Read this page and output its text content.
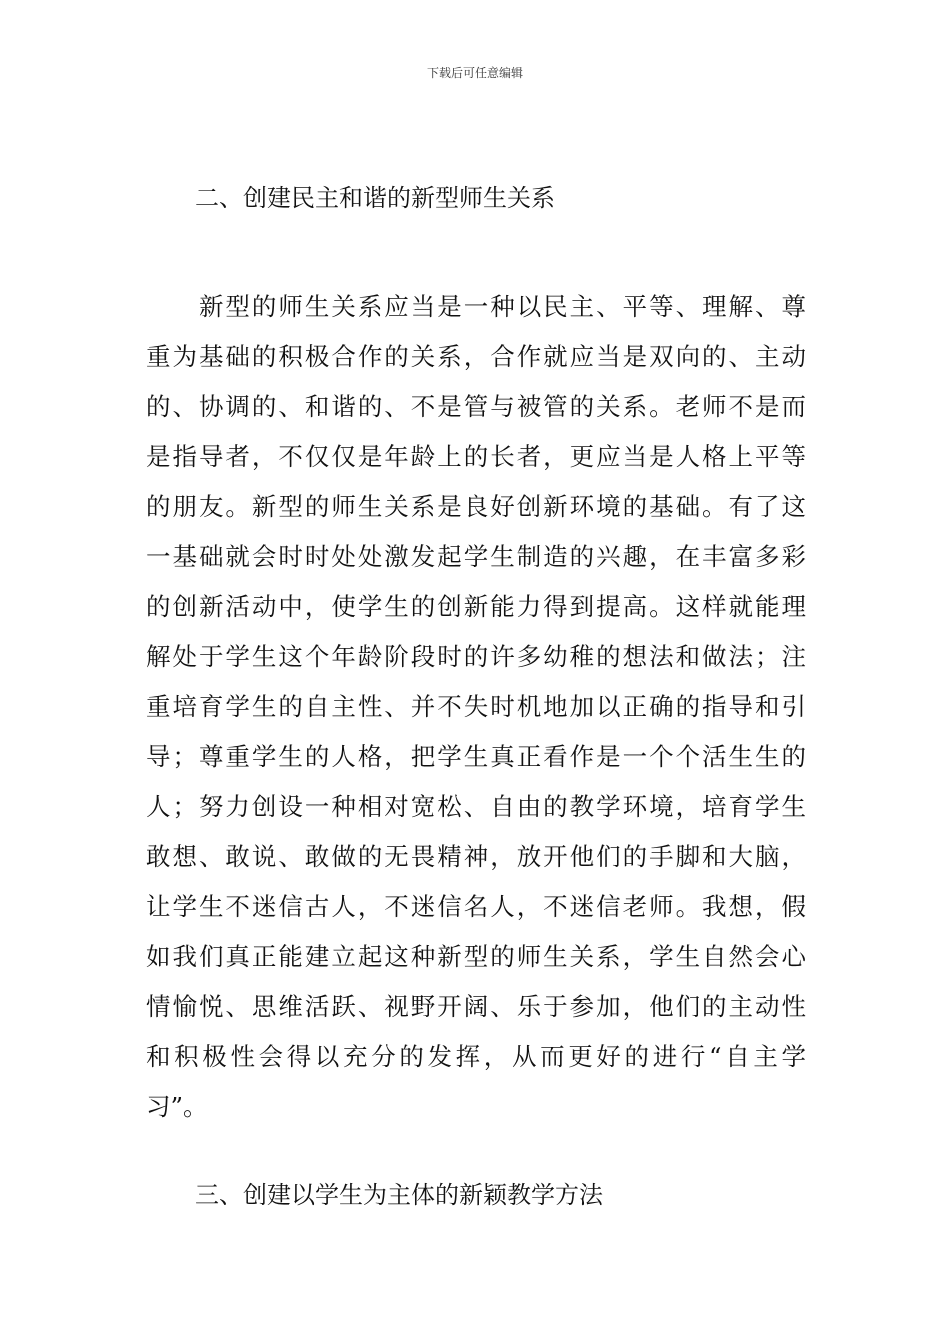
下载后可任意编辑
二、创建民主和谐的新型师生关系
　　新型的师生关系应当是一种以民主、平等、理解、尊
重为基础的积极合作的关系，合作就应当是双向的、主动
的、协调的、和谐的、不是管与被管的关系。老师不是而
是指导者，不仅仅是年龄上的长者，更应当是人格上平等
的朋友。新型的师生关系是良好创新环境的基础。有了这
一基础就会时时处处激发起学生制造的兴趣，在丰富多彩
的创新活动中，使学生的创新能力得到提高。这样就能理
解处于学生这个年龄阶段时的许多幼稚的想法和做法；注
重培育学生的自主性、并不失时机地加以正确的指导和引
导；尊重学生的人格，把学生真正看作是一个个活生生的
人；努力创设一种相对宽松、自由的教学环境，培育学生
敢想、敢说、敢做的无畏精神，放开他们的手脚和大脑，
让学生不迷信古人，不迷信名人，不迷信老师。我想，假
如我们真正能建立起这种新型的师生关系，学生自然会心
情愉悦、思维活跃、视野开阔、乐于参加，他们的主动性
和积极性会得以充分的发挥，从而更好的进行“自主学
习”。
三、创建以学生为主体的新颖教学方法
